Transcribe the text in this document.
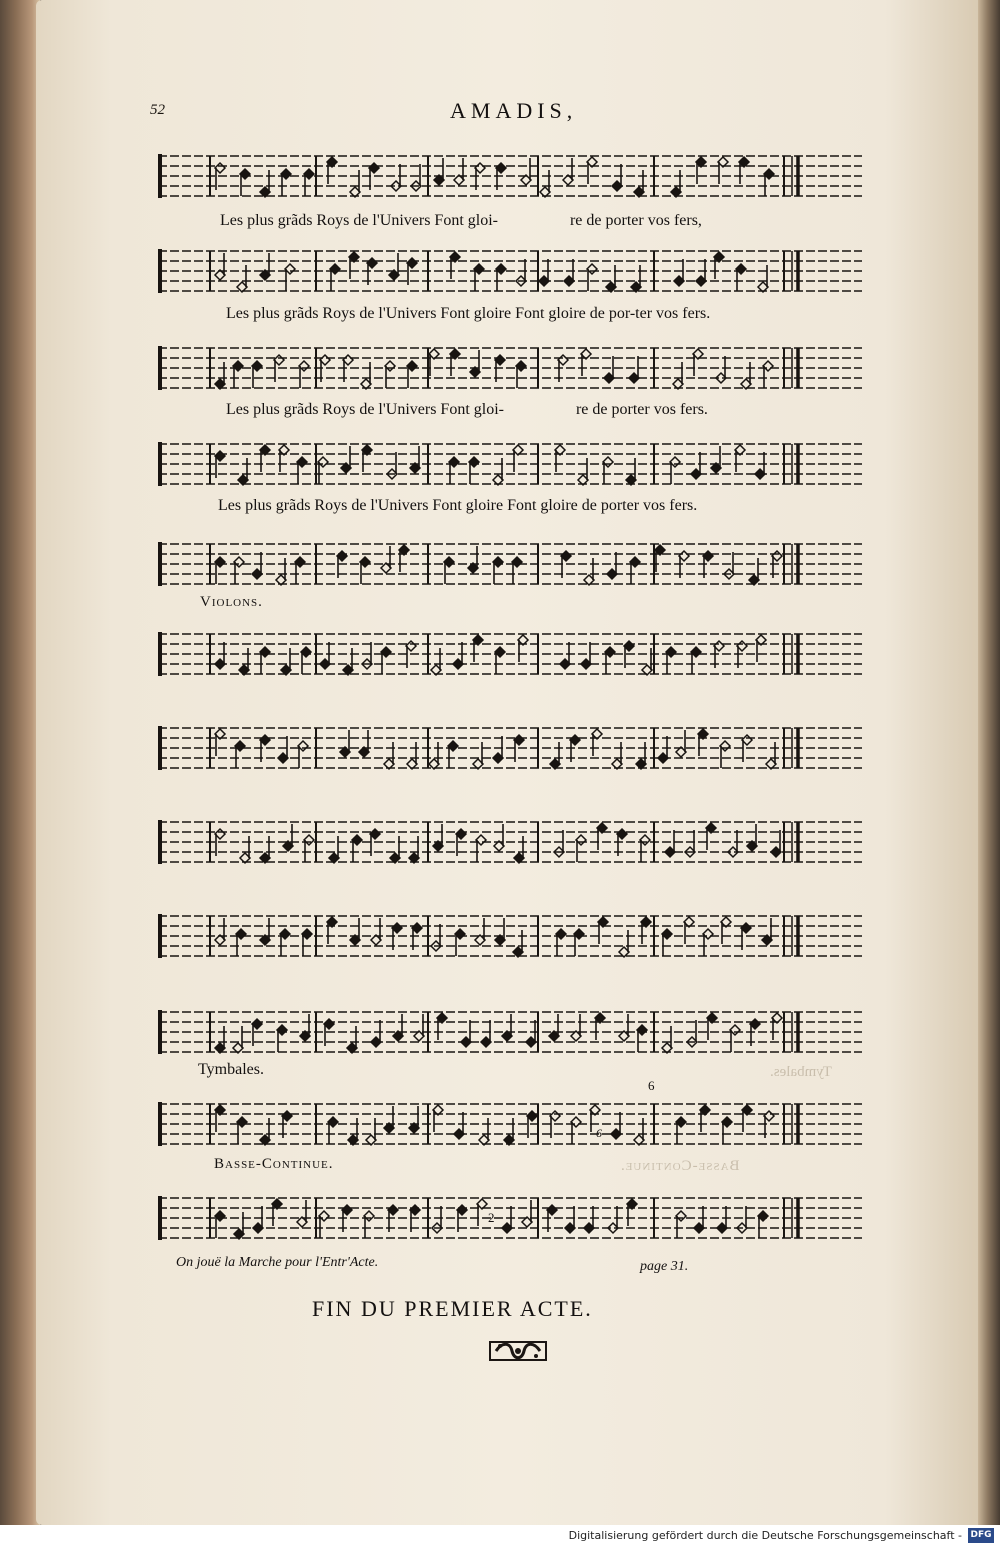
52	AMADIS,
Les plus grãds Roys de l'Univers Font gloi-                  re de porter vos fers,
Les plus grãds Roys de l'Univers Font gloire Font gloire de por-ter vos fers.
Les plus grãds Roys de l'Univers Font gloi-                  re de porter vos fers.
Les plus grãds Roys de l'Univers Font gloire Font gloire de porter vos fers.
Violons.
Tymbales.
6
6
Basse-Continue.
2
On jouë la Marche pour l'Entr'Acte.	page 31.
FIN DU PREMIER ACTE.
Tymbales.
Basse-Continue.
Digitalisierung gefördert durch die Deutsche Forschungsgemeinschaft - DFG
